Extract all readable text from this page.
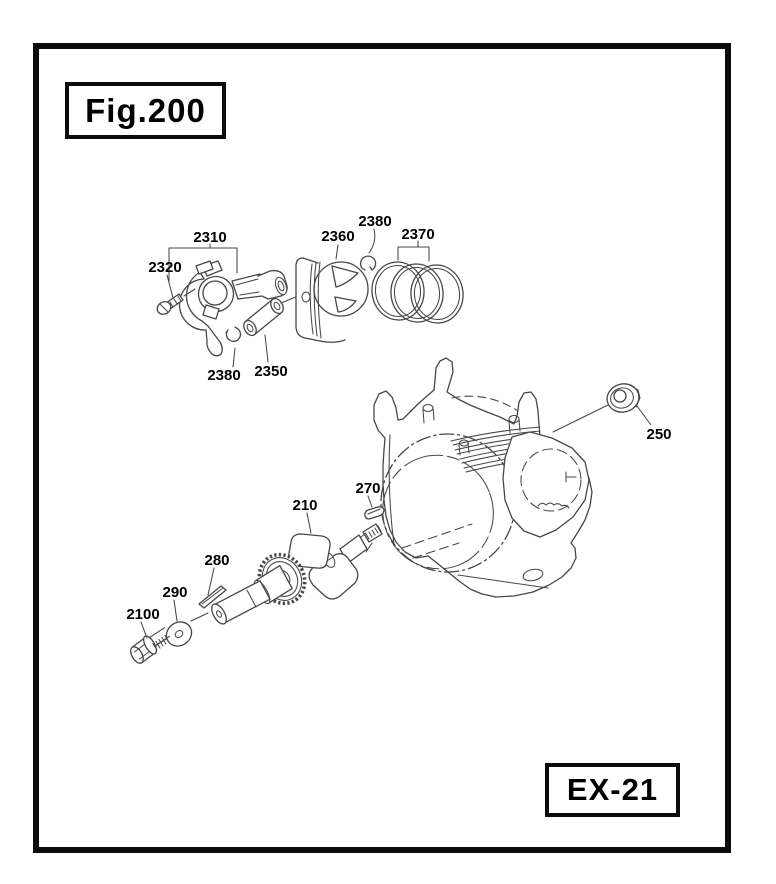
Fig.200
EX-21
2310
2320
2360
2380
2370
2350
2380
250
270
210
280
290
2100
